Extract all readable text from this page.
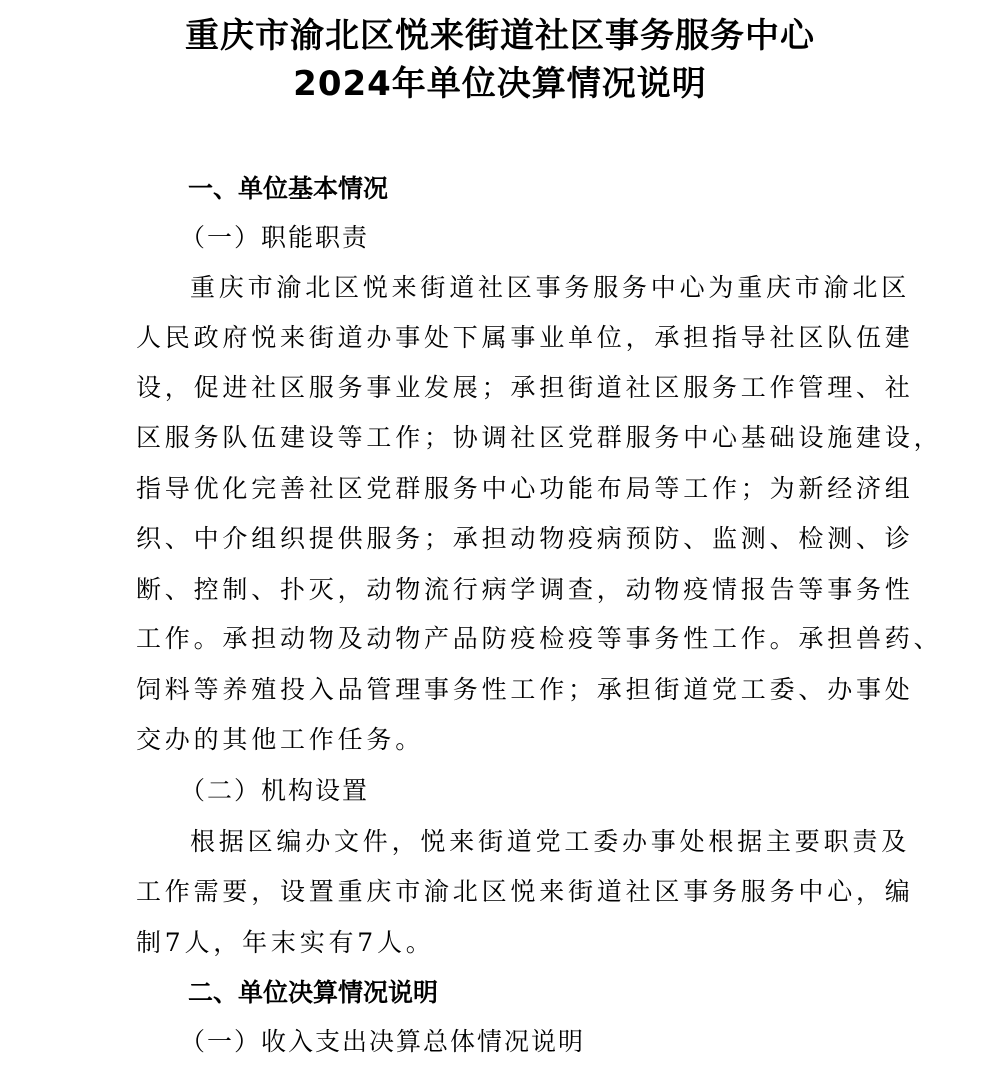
重庆市渝北区悦来街道社区事务服务中心
2024年单位决算情况说明
一、单位基本情况
（一）职能职责
重庆市渝北区悦来街道社区事务服务中心为重庆市渝北区
人民政府悦来街道办事处下属事业单位，承担指导社区队伍建
设，促进社区服务事业发展；承担街道社区服务工作管理、社
区服务队伍建设等工作；协调社区党群服务中心基础设施建设，
指导优化完善社区党群服务中心功能布局等工作；为新经济组
织、中介组织提供服务；承担动物疫病预防、监测、检测、诊
断、控制、扑灭，动物流行病学调查，动物疫情报告等事务性
工作。承担动物及动物产品防疫检疫等事务性工作。承担兽药、
饲料等养殖投入品管理事务性工作；承担街道党工委、办事处
交办的其他工作任务。
（二）机构设置
根据区编办文件，悦来街道党工委办事处根据主要职责及
工作需要，设置重庆市渝北区悦来街道社区事务服务中心，编
制7人，年末实有7人。
二、单位决算情况说明
（一）收入支出决算总体情况说明
